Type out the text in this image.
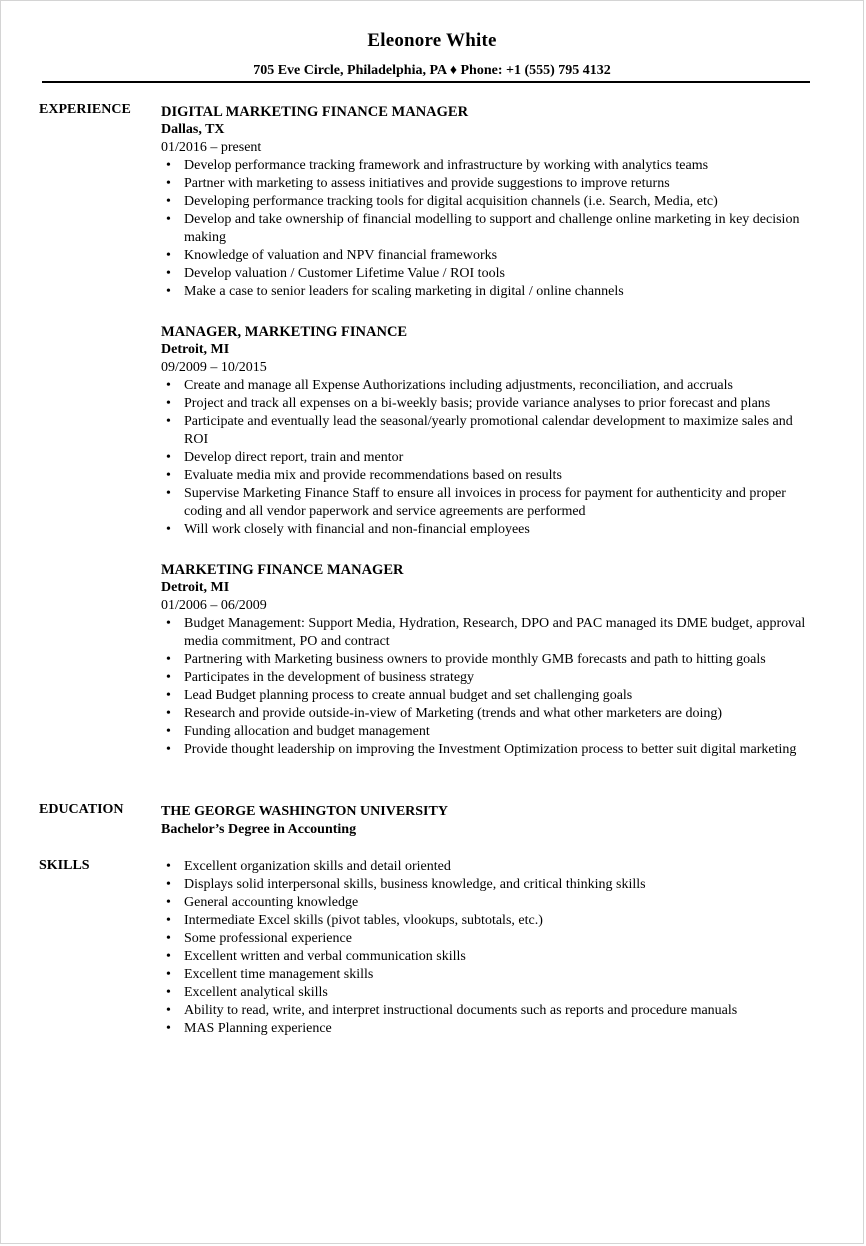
Eleonore White
705 Eve Circle, Philadelphia, PA ♦ Phone: +1 (555) 795 4132
EXPERIENCE DIGITAL MARKETING FINANCE MANAGER
Dallas, TX
01/2016 – present
• Develop performance tracking framework and infrastructure by working with analytics teams
• Partner with marketing to assess initiatives and provide suggestions to improve returns
• Developing performance tracking tools for digital acquisition channels (i.e. Search, Media, etc)
• Develop and take ownership of financial modelling to support and challenge online marketing in key decision making
• Knowledge of valuation and NPV financial frameworks
• Develop valuation / Customer Lifetime Value / ROI tools
• Make a case to senior leaders for scaling marketing in digital / online channels
MANAGER, MARKETING FINANCE
Detroit, MI
09/2009 – 10/2015
• Create and manage all Expense Authorizations including adjustments, reconciliation, and accruals
• Project and track all expenses on a bi-weekly basis; provide variance analyses to prior forecast and plans
• Participate and eventually lead the seasonal/yearly promotional calendar development to maximize sales and ROI
• Develop direct report, train and mentor
• Evaluate media mix and provide recommendations based on results
• Supervise Marketing Finance Staff to ensure all invoices in process for payment for authenticity and proper coding and all vendor paperwork and service agreements are performed
• Will work closely with financial and non-financial employees
MARKETING FINANCE MANAGER
Detroit, MI
01/2006 – 06/2009
• Budget Management: Support Media, Hydration, Research, DPO and PAC managed its DME budget, approval media commitment, PO and contract
• Partnering with Marketing business owners to provide monthly GMB forecasts and path to hitting goals
• Participates in the development of business strategy
• Lead Budget planning process to create annual budget and set challenging goals
• Research and provide outside-in-view of Marketing (trends and what other marketers are doing)
• Funding allocation and budget management
• Provide thought leadership on improving the Investment Optimization process to better suit digital marketing
EDUCATION	THE GEORGE WASHINGTON UNIVERSITY
Bachelor’s Degree in Accounting
SKILLS
•	Excellent organization skills and detail oriented
• Displays solid interpersonal skills, business knowledge, and critical thinking skills
• General accounting knowledge
• Intermediate Excel skills (pivot tables, vlookups, subtotals, etc.)
• Some professional experience
• Excellent written and verbal communication skills
• Excellent time management skills
• Excellent analytical skills
• Ability to read, write, and interpret instructional documents such as reports and procedure manuals
• MAS Planning experience
